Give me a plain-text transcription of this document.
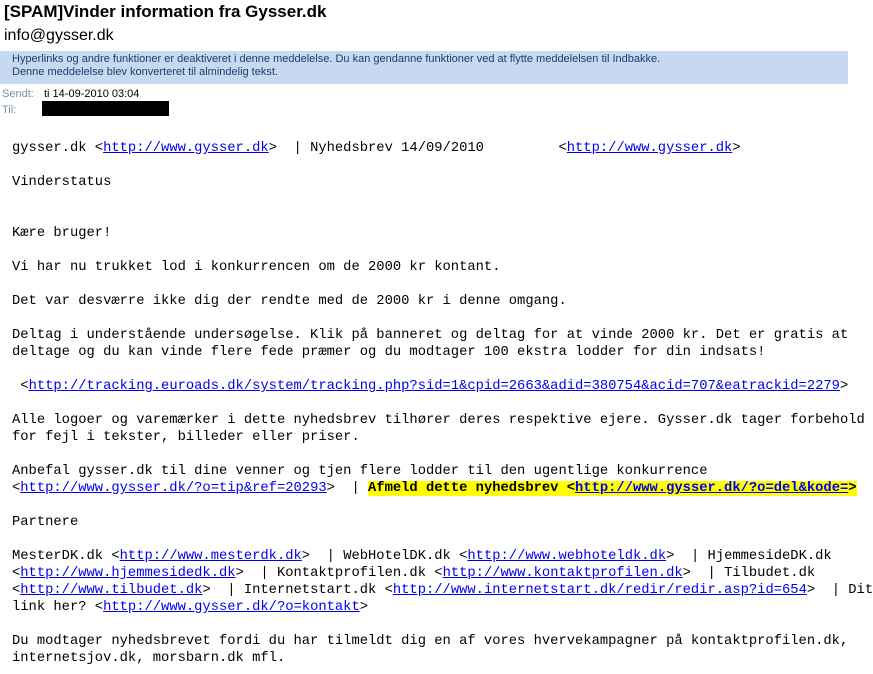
[SPAM]Vinder information fra Gysser.dk
info@gysser.dk
Hyperlinks og andre funktioner er deaktiveret i denne meddelelse. Du kan gendanne funktioner ved at flytte meddelelsen til Indbakke.
Denne meddelelse blev konverteret til almindelig tekst.
Sendt: ti 14-09-2010 03:04
Til:
gysser.dk <http://www.gysser.dk>  | Nyhedsbrev 14/09/2010         <http://www.gysser.dk>

Vinderstatus

Kære bruger!

Vi har nu trukket lod i konkurrencen om de 2000 kr kontant.

Det var desværre ikke dig der rendte med de 2000 kr i denne omgang.

Deltag i understående undersøgelse. Klik på banneret og deltag for at vinde 2000 kr. Det er gratis at
deltage og du kan vinde flere fede præmer og du modtager 100 ekstra lodder for din indsats!

<http://tracking.euroads.dk/system/tracking.php?sid=1&cpid=2663&adid=380754&acid=707&eatrackid=2279>

Alle logoer og varemærker i dette nyhedsbrev tilhører deres respektive ejere. Gysser.dk tager forbehold
for fejl i tekster, billeder eller priser.

Anbefal gysser.dk til dine venner og tjen flere lodder til den ugentlige konkurrence
<http://www.gysser.dk/?o=tip&ref=20293>  | Afmeld dette nyhedsbrev <http://www.gysser.dk/?o=del&kode=>

Partnere

MesterDK.dk <http://www.mesterdk.dk>  | WebHotelDK.dk <http://www.webhoteldk.dk>  | HjemmesideDK.dk
<http://www.hjemmesidedk.dk>  | Kontaktprofilen.dk <http://www.kontaktprofilen.dk>  | Tilbudet.dk
<http://www.tilbudet.dk>  | Internetstart.dk <http://www.internetstart.dk/redir/redir.asp?id=654>  | Dit
link her? <http://www.gysser.dk/?o=kontakt>

Du modtager nyhedsbrevet fordi du har tilmeldt dig en af vores hvervekampagner på kontaktprofilen.dk,
internetsjov.dk, morsbarn.dk mfl.
